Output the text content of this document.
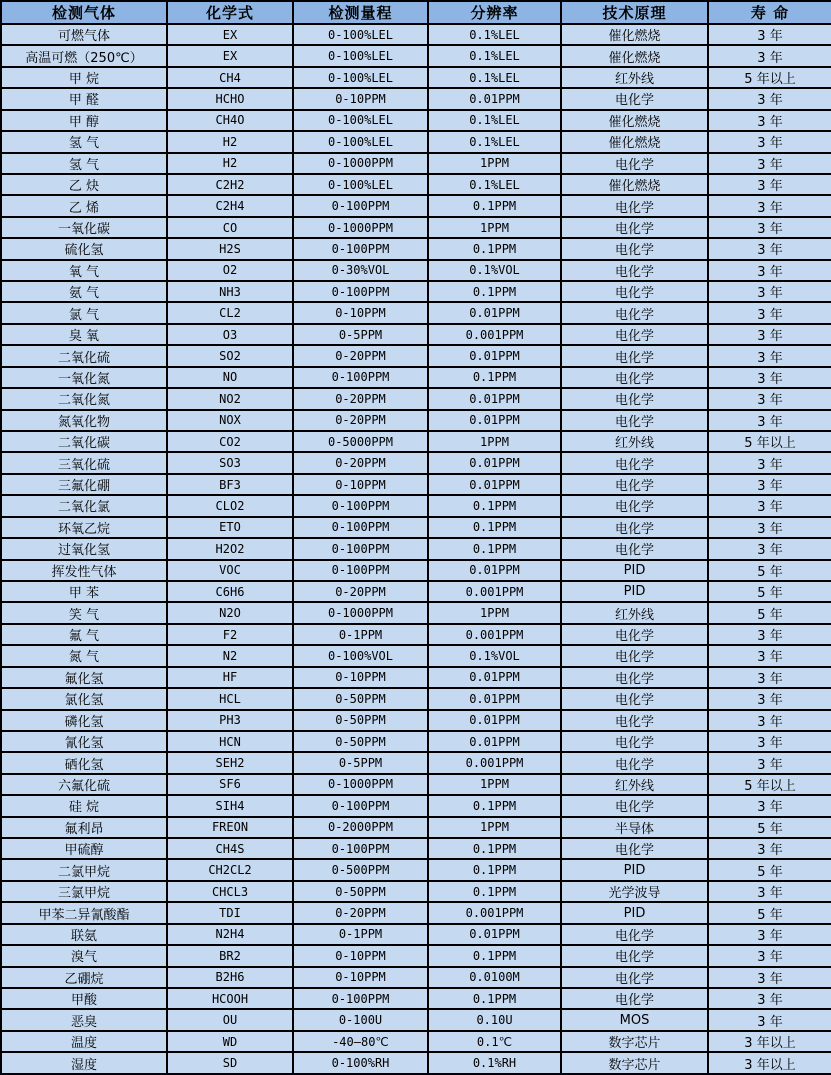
检测气体	化学式	检测量程	分辨率	技术原理	寿 命
可燃气体	EX	0-100%LEL	0.1%LEL	催化燃烧	3 年
高温可燃（250℃）	EX	0-100%LEL	0.1%LEL	催化燃烧	3 年
甲 烷	CH4	0-100%LEL	0.1%LEL	红外线	5 年以上
甲 醛	HCHO	0-10PPM	0.01PPM	电化学	3 年
甲 醇	CH4O	0-100%LEL	0.1%LEL	催化燃烧	3 年
氢 气	H2	0-100%LEL	0.1%LEL	催化燃烧	3 年
氢 气	H2	0-1000PPM	1PPM	电化学	3 年
乙 炔	C2H2	0-100%LEL	0.1%LEL	催化燃烧	3 年
乙 烯	C2H4	0-100PPM	0.1PPM	电化学	3 年
一氧化碳	CO	0-1000PPM	1PPM	电化学	3 年
硫化氢	H2S	0-100PPM	0.1PPM	电化学	3 年
氧 气	O2	0-30%VOL	0.1%VOL	电化学	3 年
氨 气	NH3	0-100PPM	0.1PPM	电化学	3 年
氯 气	CL2	0-10PPM	0.01PPM	电化学	3 年
臭 氧	O3	0-5PPM	0.001PPM	电化学	3 年
二氧化硫	SO2	0-20PPM	0.01PPM	电化学	3 年
一氧化氮	NO	0-100PPM	0.1PPM	电化学	3 年
二氧化氮	NO2	0-20PPM	0.01PPM	电化学	3 年
氮氧化物	NOX	0-20PPM	0.01PPM	电化学	3 年
二氧化碳	CO2	0-5000PPM	1PPM	红外线	5 年以上
三氧化硫	SO3	0-20PPM	0.01PPM	电化学	3 年
三氟化硼	BF3	0-10PPM	0.01PPM	电化学	3 年
二氧化氯	CLO2	0-100PPM	0.1PPM	电化学	3 年
环氧乙烷	ETO	0-100PPM	0.1PPM	电化学	3 年
过氧化氢	H2O2	0-100PPM	0.1PPM	电化学	3 年
挥发性气体	VOC	0-100PPM	0.01PPM	PID	5 年
甲 苯	C6H6	0-20PPM	0.001PPM	PID	5 年
笑 气	N2O	0-1000PPM	1PPM	红外线	5 年
氟 气	F2	0-1PPM	0.001PPM	电化学	3 年
氮 气	N2	0-100%VOL	0.1%VOL	电化学	3 年
氟化氢	HF	0-10PPM	0.01PPM	电化学	3 年
氯化氢	HCL	0-50PPM	0.01PPM	电化学	3 年
磷化氢	PH3	0-50PPM	0.01PPM	电化学	3 年
氰化氢	HCN	0-50PPM	0.01PPM	电化学	3 年
硒化氢	SEH2	0-5PPM	0.001PPM	电化学	3 年
六氟化硫	SF6	0-1000PPM	1PPM	红外线	5 年以上
硅 烷	SIH4	0-100PPM	0.1PPM	电化学	3 年
氟利昂	FREON	0-2000PPM	1PPM	半导体	5 年
甲硫醇	CH4S	0-100PPM	0.1PPM	电化学	3 年
二氯甲烷	CH2CL2	0-500PPM	0.1PPM	PID	5 年
三氯甲烷	CHCL3	0-50PPM	0.1PPM	光学波导	3 年
甲苯二异氰酸酯	TDI	0-20PPM	0.001PPM	PID	5 年
联氨	N2H4	0-1PPM	0.01PPM	电化学	3 年
溴气	BR2	0-10PPM	0.1PPM	电化学	3 年
乙硼烷	B2H6	0-10PPM	0.0100M	电化学	3 年
甲酸	HCOOH	0-100PPM	0.1PPM	电化学	3 年
恶臭	OU	0-100U	0.10U	MOS	3 年
温度	WD	-40—80℃	0.1℃	数字芯片	3 年以上
湿度	SD	0-100%RH	0.1%RH	数字芯片	3 年以上
